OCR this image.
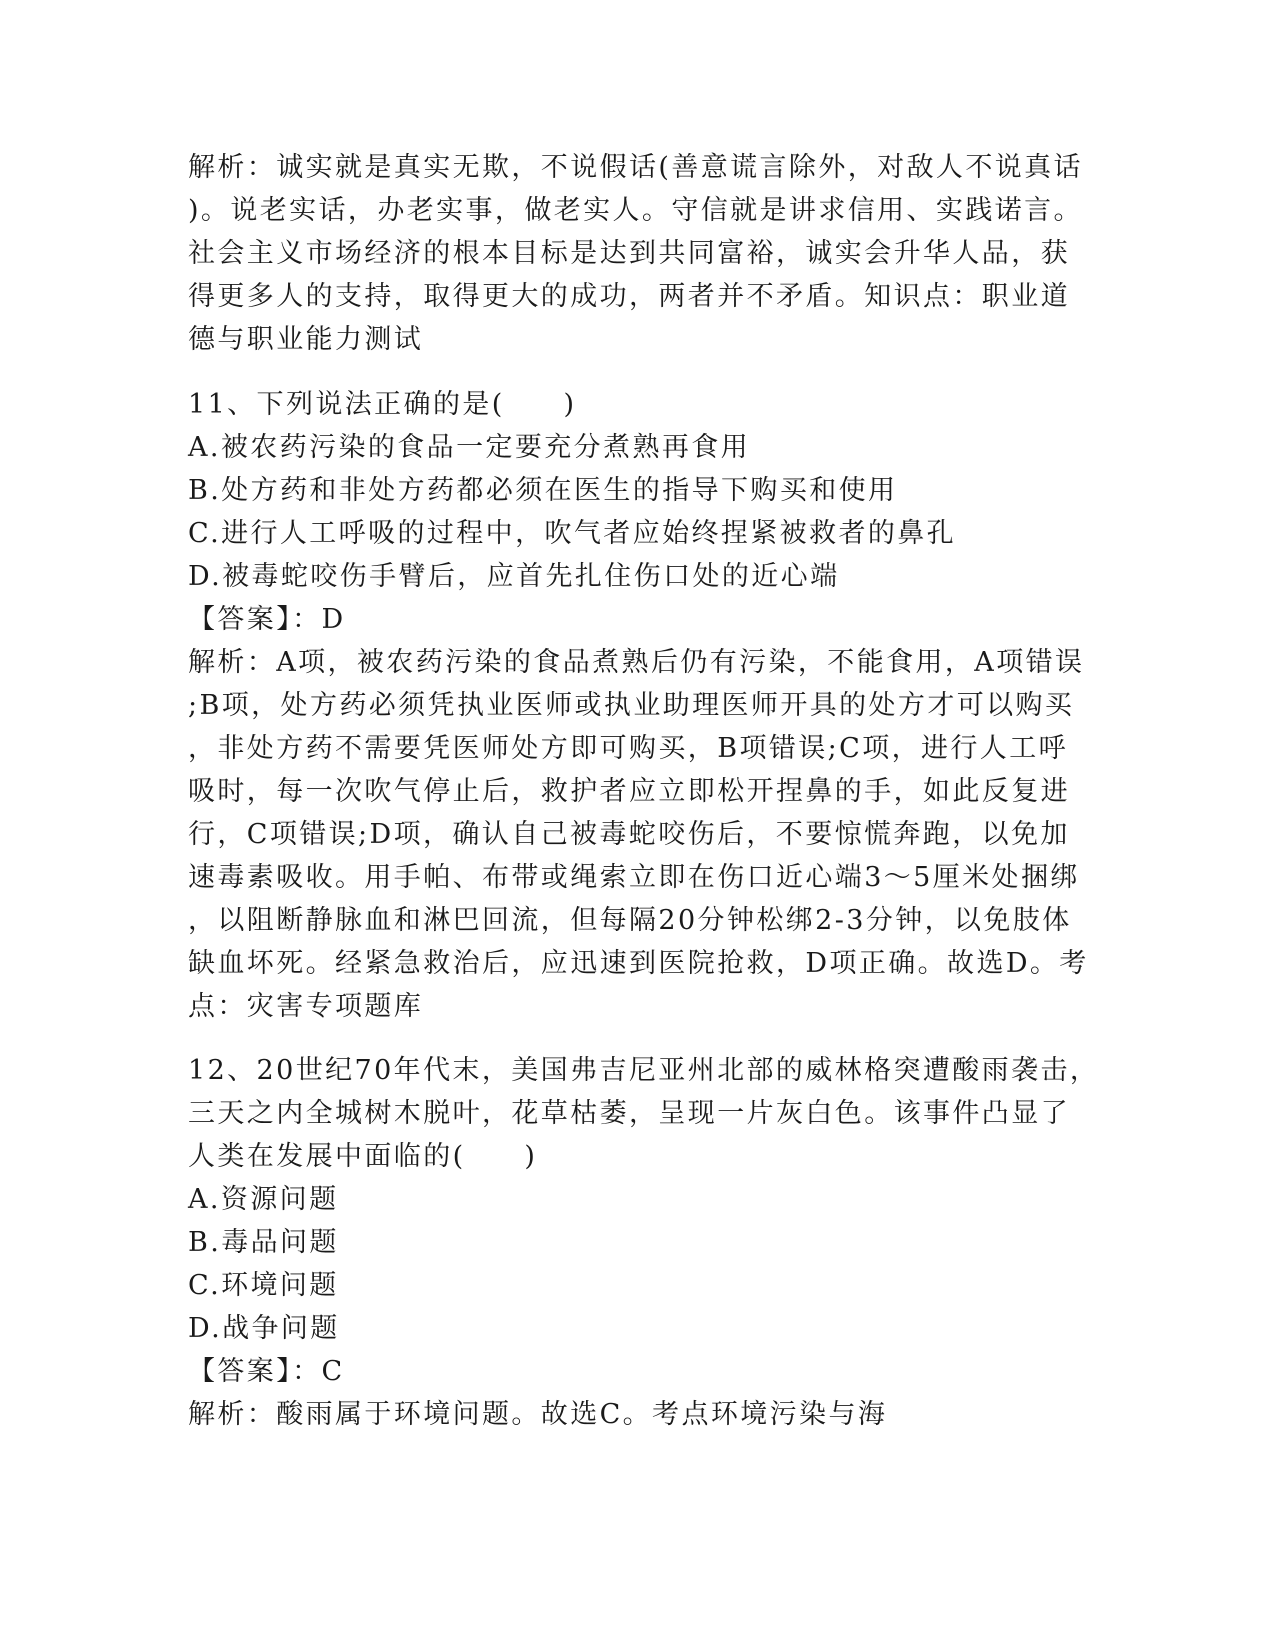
解析：诚实就是真实无欺，不说假话(善意谎言除外，对敌人不说真话
)。说老实话，办老实事，做老实人。守信就是讲求信用、实践诺言。
社会主义市场经济的根本目标是达到共同富裕，诚实会升华人品，获
得更多人的支持，取得更大的成功，两者并不矛盾。知识点：职业道
德与职业能力测试
11、下列说法正确的是(　　)
A.被农药污染的食品一定要充分煮熟再食用
B.处方药和非处方药都必须在医生的指导下购买和使用
C.进行人工呼吸的过程中，吹气者应始终捏紧被救者的鼻孔
D.被毒蛇咬伤手臂后，应首先扎住伤口处的近心端
【答案】：D
解析：A项，被农药污染的食品煮熟后仍有污染，不能食用，A项错误
;B项，处方药必须凭执业医师或执业助理医师开具的处方才可以购买
，非处方药不需要凭医师处方即可购买，B项错误;C项，进行人工呼
吸时，每一次吹气停止后，救护者应立即松开捏鼻的手，如此反复进
行，C项错误;D项，确认自己被毒蛇咬伤后，不要惊慌奔跑，以免加
速毒素吸收。用手帕、布带或绳索立即在伤口近心端3～5厘米处捆绑
，以阻断静脉血和淋巴回流，但每隔20分钟松绑2-3分钟，以免肢体
缺血坏死。经紧急救治后，应迅速到医院抢救，D项正确。故选D。考
点：灾害专项题库
12、20世纪70年代末，美国弗吉尼亚州北部的威林格突遭酸雨袭击，
三天之内全城树木脱叶，花草枯萎，呈现一片灰白色。该事件凸显了
人类在发展中面临的(　　)
A.资源问题
B.毒品问题
C.环境问题
D.战争问题
【答案】：C
解析：酸雨属于环境问题。故选C。考点环境污染与海
